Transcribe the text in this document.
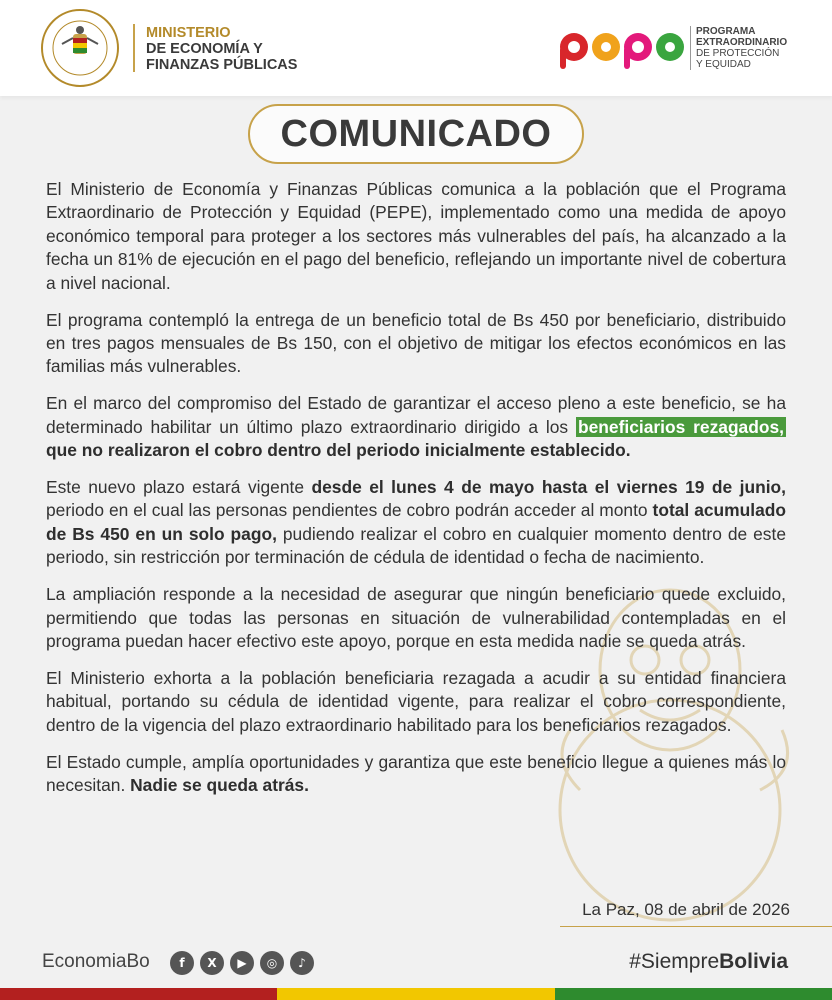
MINISTERIO
DE ECONOMÍA Y
FINANZAS PÚBLICAS
PROGRAMA
EXTRAORDINARIO
DE PROTECCIÓN
Y EQUIDAD
COMUNICADO

El Ministerio de Economía y Finanzas Públicas comunica a la población que el Programa Extraordinario de Protección y Equidad (PEPE), implementado como una medida de apoyo económico temporal para proteger a los sectores más vulnerables del país, ha alcanzado a la fecha un 81% de ejecución en el pago del beneficio, reflejando un importante nivel de cobertura a nivel nacional.

El programa contempló la entrega de un beneficio total de Bs 450 por beneficiario, distribuido en tres pagos mensuales de Bs 150, con el objetivo de mitigar los efectos económicos en las familias más vulnerables.

En el marco del compromiso del Estado de garantizar el acceso pleno a este beneficio, se ha determinado habilitar un último plazo extraordinario dirigido a los beneficiarios rezagados, que no realizaron el cobro dentro del periodo inicialmente establecido.

Este nuevo plazo estará vigente desde el lunes 4 de mayo hasta el viernes 19 de junio, periodo en el cual las personas pendientes de cobro podrán acceder al monto total acumulado de Bs 450 en un solo pago, pudiendo realizar el cobro en cualquier momento dentro de este periodo, sin restricción por terminación de cédula de identidad o fecha de nacimiento.

La ampliación responde a la necesidad de asegurar que ningún beneficiario quede excluido, permitiendo que todas las personas en situación de vulnerabilidad contempladas en el programa puedan hacer efectivo este apoyo, porque en esta medida nadie se queda atrás.

El Ministerio exhorta a la población beneficiaria rezagada a acudir a su entidad financiera habitual, portando su cédula de identidad vigente, para realizar el cobro correspondiente, dentro de la vigencia del plazo extraordinario habilitado para los beneficiarios rezagados.

El Estado cumple, amplía oportunidades y garantiza que este beneficio llegue a quienes más lo necesitan. Nadie se queda atrás.

La Paz, 08 de abril de 2026
EconomiaBo	f	X	▶	◎	♪	#SiempreBolivia
